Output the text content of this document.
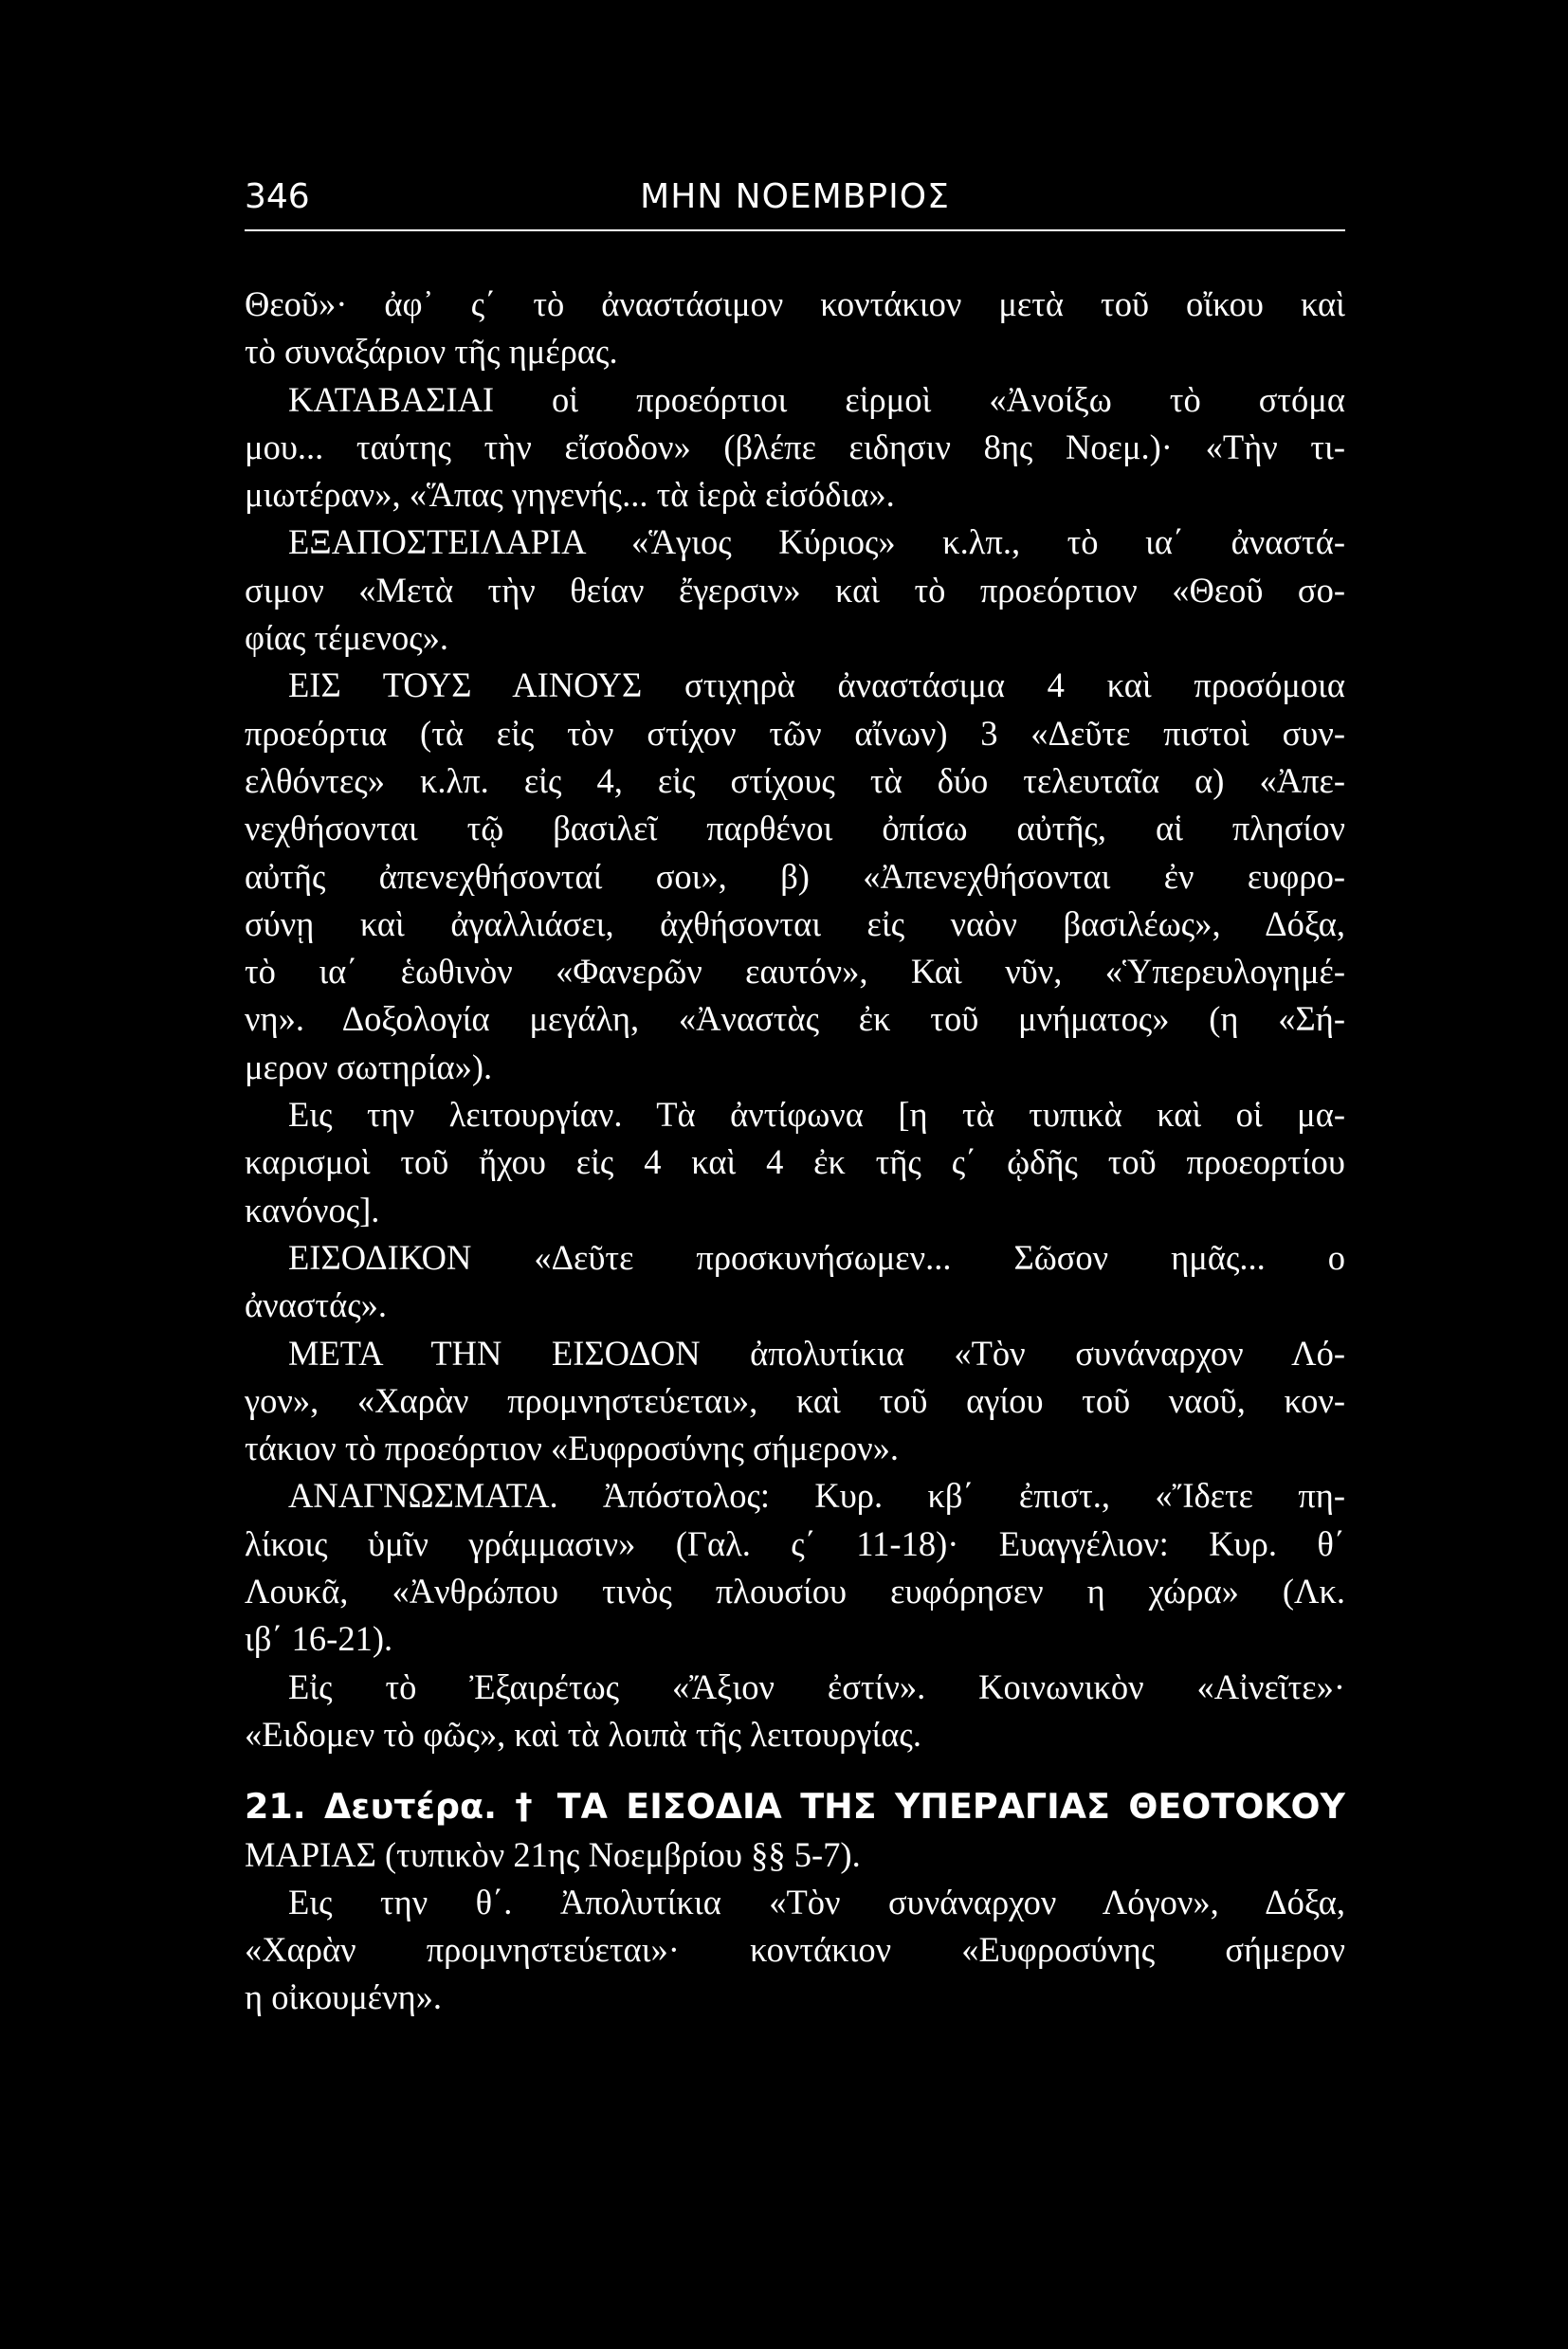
346	ΜΗΝ ΝΟΕΜΒΡΙΟΣ
Θεοῦ»· ἀφ᾽ ς΄ τὸ ἀναστάσιμον κοντάκιον μετὰ τοῦ οἴκου καὶ
τὸ συναξάριον τῆς ημέρας.
ΚΑΤΑΒΑΣΙΑΙ οἱ προεόρτιοι εἱρμοὶ «Ἀνοίξω τὸ στόμα
μου... ταύτης τὴν εἴσοδον» (βλέπε ειδησιν 8ης Νοεμ.)· «Τὴν τι-
μιωτέραν», «Ἅπας γηγενής... τὰ ἱερὰ εἰσόδια».
ΕΞΑΠΟΣΤΕΙΛΑΡΙΑ «Ἅγιος Κύριος» κ.λπ., τὸ ια΄ ἀναστά-
σιμον «Μετὰ τὴν θείαν ἔγερσιν» καὶ τὸ προεόρτιον «Θεοῦ σο-
φίας τέμενος».
ΕΙΣ ΤΟΥΣ ΑΙΝΟΥΣ στιχηρὰ ἀναστάσιμα 4 καὶ προσόμοια
προεόρτια (τὰ εἰς τὸν στίχον τῶν αἴνων) 3 «Δεῦτε πιστοὶ συν-
ελθόντες» κ.λπ. εἰς 4, εἰς στίχους τὰ δύο τελευταῖα α) «Ἀπε-
νεχθήσονται τῷ βασιλεῖ παρθένοι ὀπίσω αὐτῆς, αἱ πλησίον
αὐτῆς ἀπενεχθήσονταί σοι», β) «Ἀπενεχθήσονται ἐν ευφρο-
σύνῃ καὶ ἀγαλλιάσει, ἀχθήσονται εἰς ναὸν βασιλέως», Δόξα,
τὸ ια΄ ἑωθινὸν «Φανερῶν εαυτόν», Καὶ νῦν, «Ὑπερευλογημέ-
νη». Δοξολογία μεγάλη, «Ἀναστὰς ἐκ τοῦ μνήματος» (η «Σή-
μερον σωτηρία»).
Εις την λειτουργίαν. Τὰ ἀντίφωνα [η τὰ τυπικὰ καὶ οἱ μα-
καρισμοὶ τοῦ ἤχου εἰς 4 καὶ 4 ἐκ τῆς ς΄ ᾠδῆς τοῦ προεορτίου
κανόνος].
ΕΙΣΟΔΙΚΟΝ «Δεῦτε προσκυνήσωμεν... Σῶσον ημᾶς... ο
ἀναστάς».
ΜΕΤΑ ΤΗΝ ΕΙΣΟΔΟΝ ἀπολυτίκια «Τὸν συνάναρχον Λό-
γον», «Χαρὰν προμνηστεύεται», καὶ τοῦ αγίου τοῦ ναοῦ, κον-
τάκιον τὸ προεόρτιον «Ευφροσύνης σήμερον».
ΑΝΑΓΝΩΣΜΑΤΑ. Ἀπόστολος: Κυρ. κβ΄ ἐπιστ., «Ἴδετε πη-
λίκοις ὑμῖν γράμμασιν» (Γαλ. ς΄ 11-18)· Ευαγγέλιον: Κυρ. θ΄
Λουκᾶ, «Ἀνθρώπου τινὸς πλουσίου ευφόρησεν η χώρα» (Λκ.
ιβ΄ 16-21).
Εἰς τὸ Ἐξαιρέτως «Ἄξιον ἐστίν». Κοινωνικὸν «Αἰνεῖτε»·
«Ειδομεν τὸ φῶς», καὶ τὰ λοιπὰ τῆς λειτουργίας.
21. Δευτέρα. † ΤΑ ΕΙΣΟΔΙΑ ΤΗΣ ΥΠΕΡΑΓΙΑΣ ΘΕΟΤΟΚΟΥ
ΜΑΡΙΑΣ (τυπικὸν 21ης Νοεμβρίου §§ 5-7).
Εις την θ΄. Ἀπολυτίκια «Τὸν συνάναρχον Λόγον», Δόξα,
«Χαρὰν προμνηστεύεται»· κοντάκιον «Ευφροσύνης σήμερον
η οἰκουμένη».
